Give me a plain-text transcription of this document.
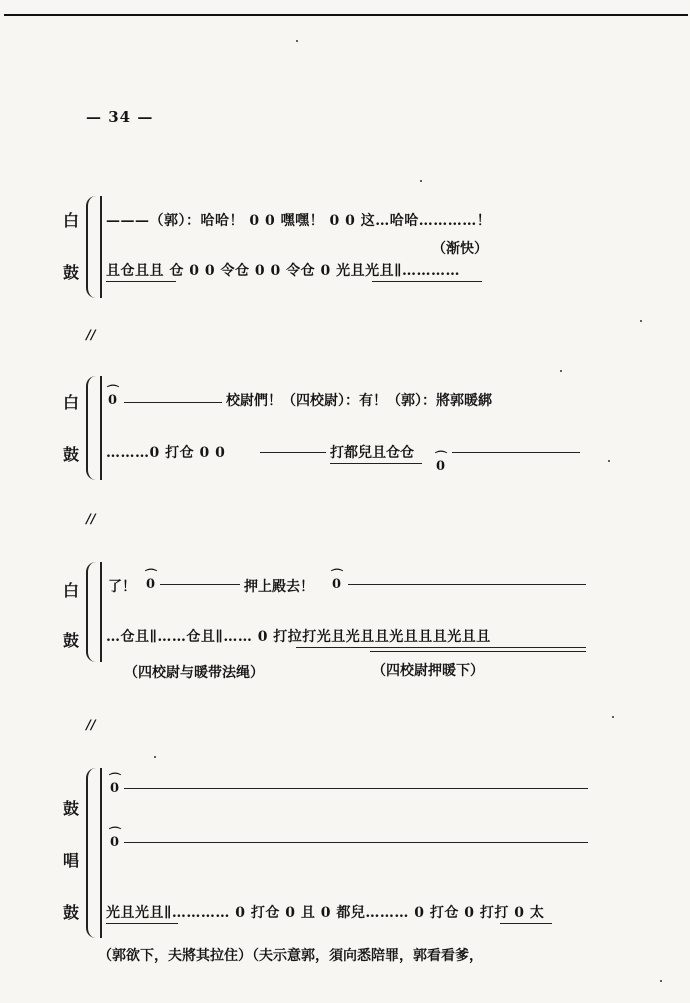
— 34 —
白
鼓
———（郭）：哈哈！ 0 0 嘿嘿！ 0 0 这…哈哈…………！
（渐快）
且仓且且 仓 0 0 令仓 0 0 令仓 0 光且光且∥…………
//
白
鼓
⌒ 0	校尉們！（四校尉）：有！（郭）：將郭暖綁
………0 打仓 0 0	打都兒且仓仓
⌒ 0
//
白
鼓
了！ ⌒ 0	押上殿去！ ⌒ 0
…仓且∥……仓且∥…… 0 打拉打光且光且且光且且且光且且
（四校尉与暖带法绳）	（四校尉押暖下）
//
鼓
唱
鼓
⌒ 0
⌒ 0
光且光且∥………… 0 打仓 0 且 0 都兒……… 0 打仓 0 打打 0 太
（郭欲下，夫將其拉住）（夫示意郭，須向悉陪罪，郭看看爹，
